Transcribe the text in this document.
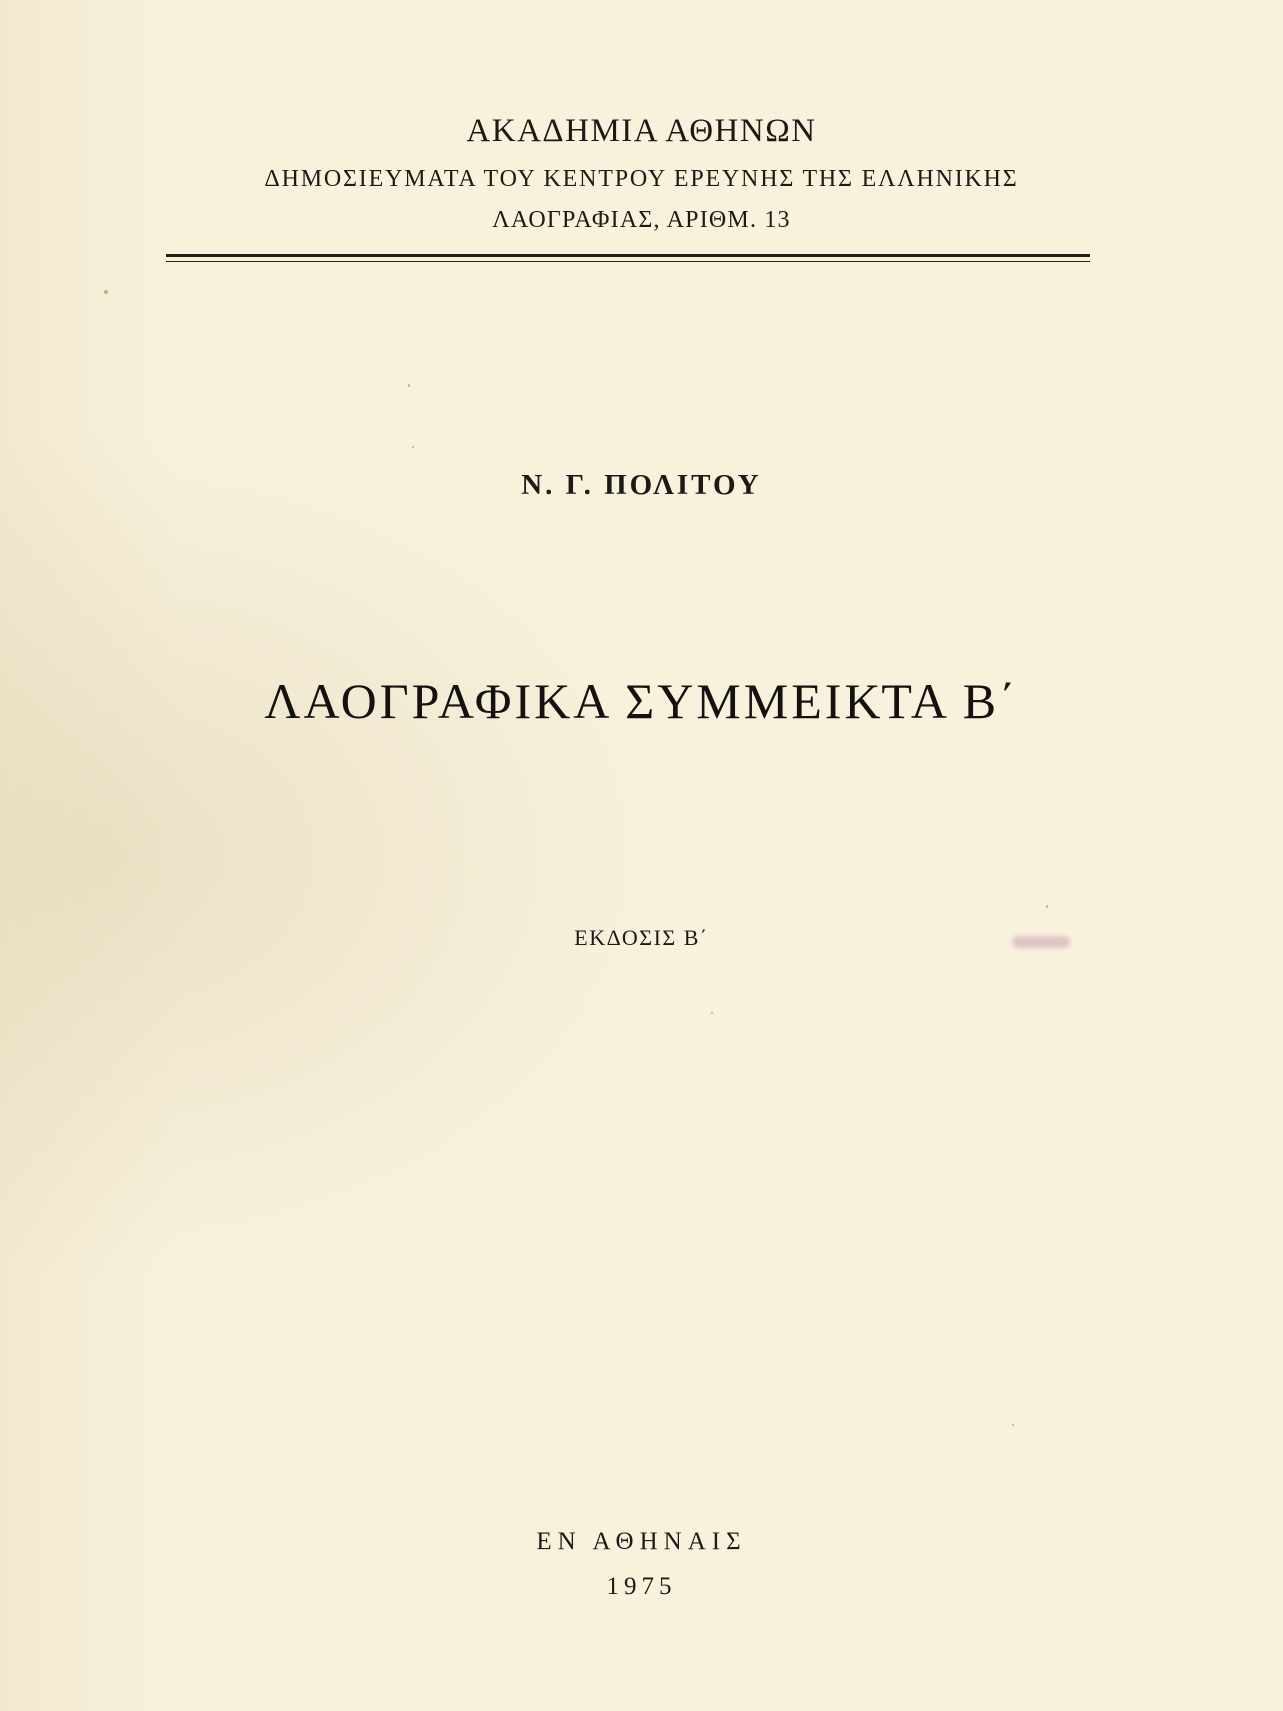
ΑΚΑΔΗΜΙΑ ΑΘΗΝΩΝ
ΔΗΜΟΣΙΕΥΜΑΤΑ ΤΟΥ ΚΕΝΤΡΟΥ ΕΡΕΥΝΗΣ ΤΗΣ ΕΛΛΗΝΙΚΗΣ
ΛΑΟΓΡΑΦΙΑΣ, ΑΡΙΘΜ. 13
Ν. Γ. ΠΟΛΙΤΟΥ
ΛΑΟΓΡΑΦΙΚΑ ΣΥΜΜΕΙΚΤΑ Β΄
ΕΚΔΟΣΙΣ Β΄
ΕΝ ΑΘΗΝΑΙΣ
1975
